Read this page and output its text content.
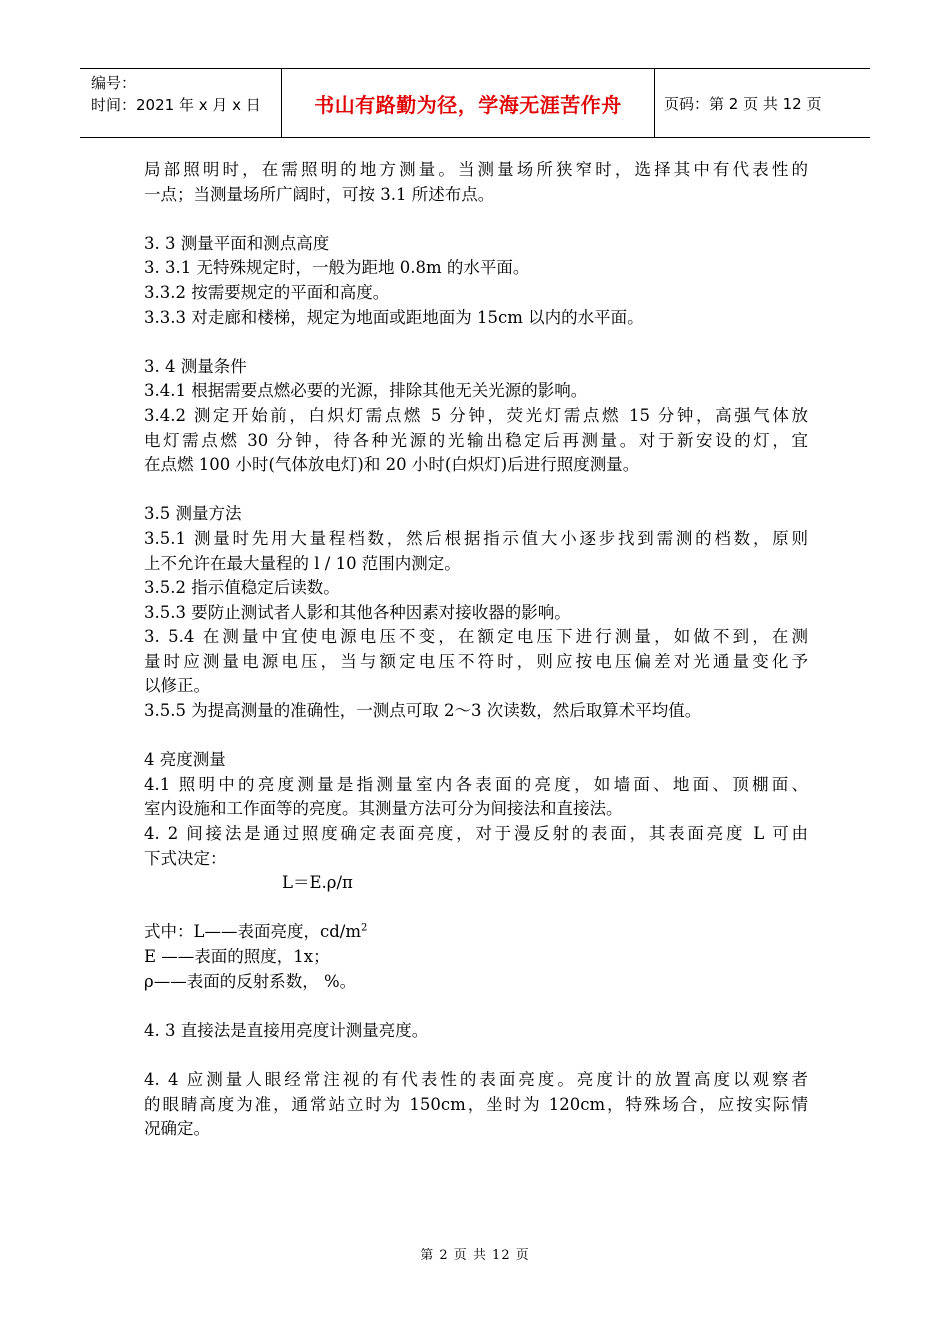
编号：
时间：2021 年 x 月 x 日	书山有路勤为径，学海无涯苦作舟	页码：第 2 页 共 12 页
局部照明时，在需照明的地方测量。当测量场所狭窄时，选择其中有代表性的
一点；当测量场所广阔时，可按 3.1 所述布点。
3. 3 测量平面和测点高度
3. 3.1 无特殊规定时，一般为距地 0.8m 的水平面。
3.3.2 按需要规定的平面和高度。
3.3.3 对走廊和楼梯，规定为地面或距地面为 15cm 以内的水平面。
3. 4 测量条件
3.4.1 根据需要点燃必要的光源，排除其他无关光源的影响。
3.4.2 测定开始前，白炽灯需点燃 5 分钟，荧光灯需点燃 15 分钟，高强气体放
电灯需点燃 30 分钟，待各种光源的光输出稳定后再测量。对于新安设的灯，宜
在点燃 100 小时(气体放电灯)和 20 小时(白炽灯)后进行照度测量。
3.5 测量方法
3.5.1 测量时先用大量程档数，然后根据指示值大小逐步找到需测的档数，原则
上不允许在最大量程的 l / 10 范围内测定。
3.5.2 指示值稳定后读数。
3.5.3 要防止测试者人影和其他各种因素对接收器的影响。
3. 5.4 在测量中宜使电源电压不变，在额定电压下进行测量，如做不到，在测
量时应测量电源电压，当与额定电压不符时，则应按电压偏差对光通量变化予
以修正。
3.5.5 为提高测量的准确性，一测点可取 2～3 次读数，然后取算术平均值。
4 亮度测量
4.1 照明中的亮度测量是指测量室内各表面的亮度，如墙面、地面、顶棚面、
室内设施和工作面等的亮度。其测量方法可分为间接法和直接法。
4. 2 间接法是通过照度确定表面亮度，对于漫反射的表面，其表面亮度 L 可由
下式决定：
L＝E.ρ/π
式中：L——表面亮度，$cd/m^2$
E ——表面的照度，1x；
ρ——表面的反射系数， %。
4. 3 直接法是直接用亮度计测量亮度。
4. 4 应测量人眼经常注视的有代表性的表面亮度。亮度计的放置高度以观察者
的眼睛高度为准，通常站立时为 150cm，坐时为 120cm，特殊场合，应按实际情
况确定。
第 2 页 共 12 页
